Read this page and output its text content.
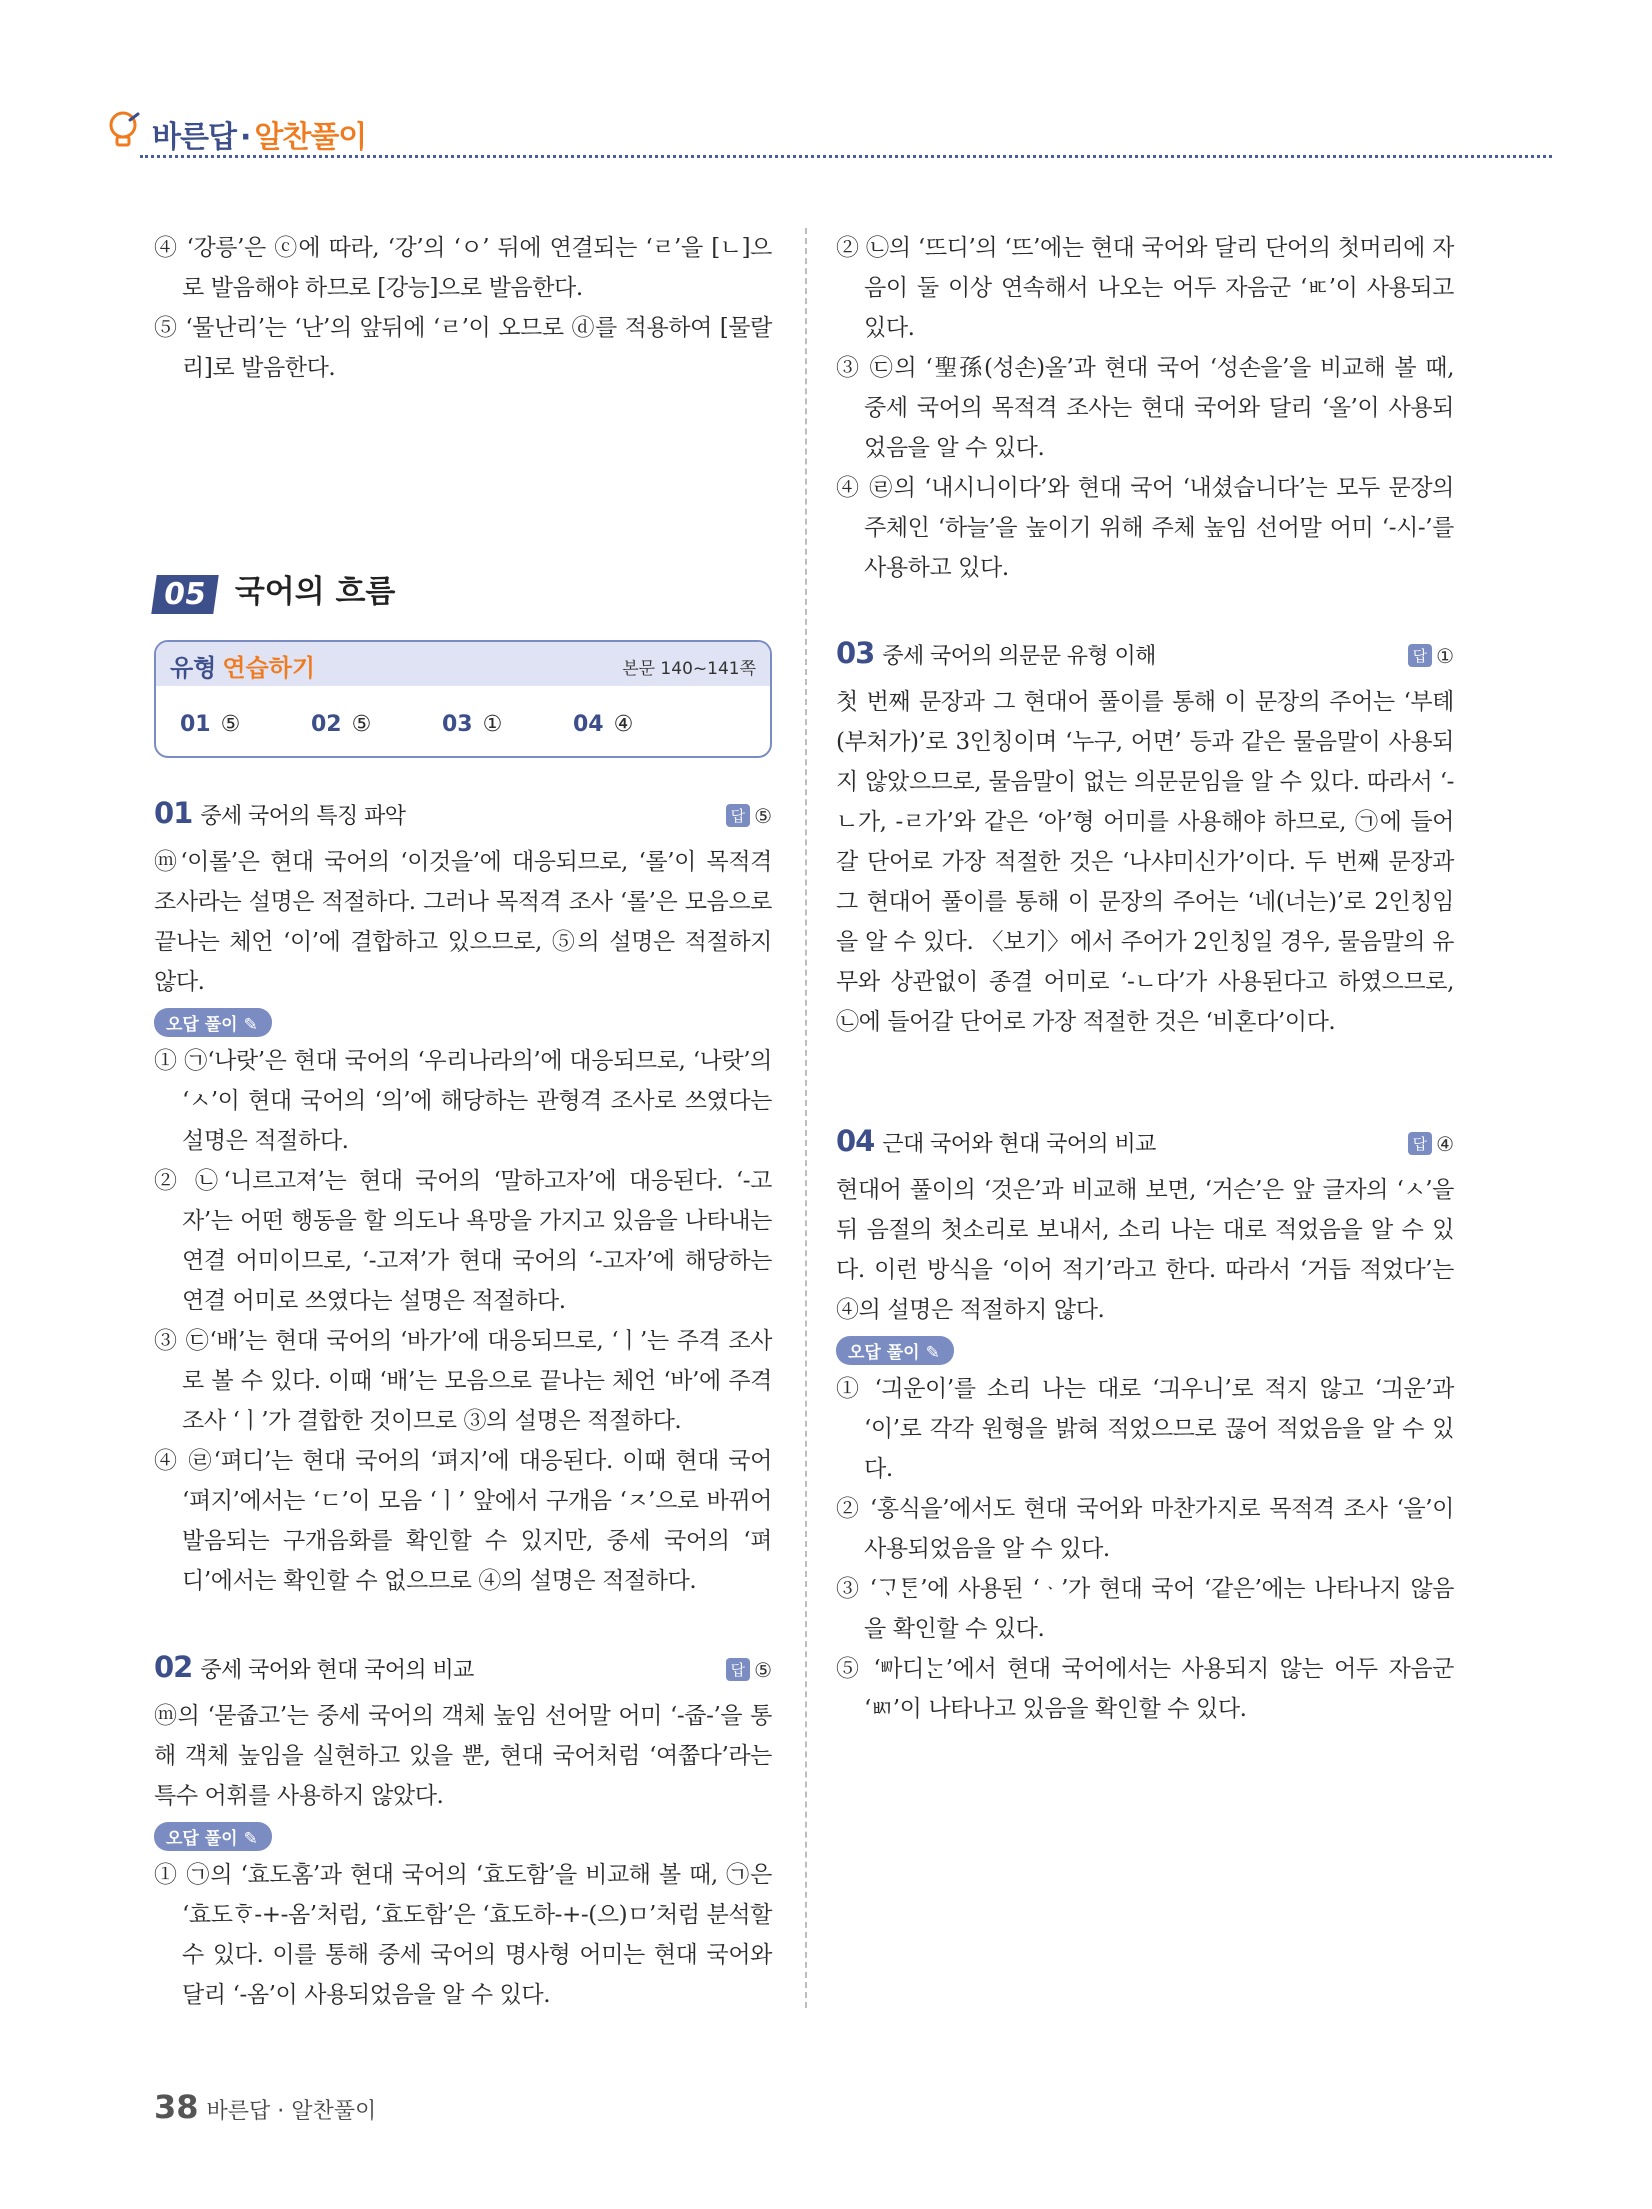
바른답 · 알찬풀이

④ ‘강릉’은 ⓒ에 따라, ‘강’의 ‘ㅇ’ 뒤에 연결되는 ‘ㄹ’을 [ㄴ]으로 발음해야 하므로 [강능]으로 발음한다.

⑤ ‘물난리’는 ‘난’의 앞뒤에 ‘ㄹ’이 오므로 ⓓ를 적용하여 [물랄리]로 발음한다.

05 국어의 흐름
유형 연습하기	본문 140~141쪽
01 ⑤	02 ⑤	03 ①	04 ④
01 중세 국어의 특징 파악	답 ⑤

ⓜ‘이롤’은 현대 국어의 ‘이것을’에 대응되므로, ‘롤’이 목적격 조사라는 설명은 적절하다. 그러나 목적격 조사 ‘롤’은 모음으로 끝나는 체언 ‘이’에 결합하고 있으므로, ⑤의 설명은 적절하지 않다.

오답 풀이 ✎

① ㉠‘나랏’은 현대 국어의 ‘우리나라의’에 대응되므로, ‘나랏’의 ‘ㅅ’이 현대 국어의 ‘의’에 해당하는 관형격 조사로 쓰였다는 설명은 적절하다.

② ㉡‘니르고져’는 현대 국어의 ‘말하고자’에 대응된다. ‘-고자’는 어떤 행동을 할 의도나 욕망을 가지고 있음을 나타내는 연결 어미이므로, ‘-고져’가 현대 국어의 ‘-고자’에 해당하는 연결 어미로 쓰였다는 설명은 적절하다.

③ ㉢‘배’는 현대 국어의 ‘바가’에 대응되므로, ‘ㅣ’는 주격 조사로 볼 수 있다. 이때 ‘배’는 모음으로 끝나는 체언 ‘바’에 주격 조사 ‘ㅣ’가 결합한 것이므로 ③의 설명은 적절하다.

④ ㉣‘펴디’는 현대 국어의 ‘펴지’에 대응된다. 이때 현대 국어 ‘펴지’에서는 ‘ㄷ’이 모음 ‘ㅣ’ 앞에서 구개음 ‘ㅈ’으로 바뀌어 발음되는 구개음화를 확인할 수 있지만, 중세 국어의 ‘펴디’에서는 확인할 수 없으므로 ④의 설명은 적절하다.

02 중세 국어와 현대 국어의 비교	답 ⑤

ⓜ의 ‘묻줍고’는 중세 국어의 객체 높임 선어말 어미 ‘-줍-’을 통해 객체 높임을 실현하고 있을 뿐, 현대 국어처럼 ‘여쭙다’라는 특수 어휘를 사용하지 않았다.

오답 풀이 ✎

① ㉠의 ‘효도홈’과 현대 국어의 ‘효도함’을 비교해 볼 때, ㉠은 ‘효도ᄒᆞ-+-옴’처럼, ‘효도함’은 ‘효도하-+-(으)ㅁ’처럼 분석할 수 있다. 이를 통해 중세 국어의 명사형 어미는 현대 국어와 달리 ‘-옴’이 사용되었음을 알 수 있다.

② ㉡의 ‘뜨디’의 ‘뜨’에는 현대 국어와 달리 단어의 첫머리에 자음이 둘 이상 연속해서 나오는 어두 자음군 ‘ㅳ’이 사용되고 있다.

③ ㉢의 ‘聖孫(성손)올’과 현대 국어 ‘성손을’을 비교해 볼 때, 중세 국어의 목적격 조사는 현대 국어와 달리 ‘올’이 사용되었음을 알 수 있다.

④ ㉣의 ‘내시니이다’와 현대 국어 ‘내셨습니다’는 모두 문장의 주체인 ‘하늘’을 높이기 위해 주체 높임 선어말 어미 ‘-시-’를 사용하고 있다.

03 중세 국어의 의문문 유형 이해	답 ①

첫 번째 문장과 그 현대어 풀이를 통해 이 문장의 주어는 ‘부톄(부처가)’로 3인칭이며 ‘누구, 어면’ 등과 같은 물음말이 사용되지 않았으므로, 물음말이 없는 의문문임을 알 수 있다. 따라서 ‘-ㄴ가, -ㄹ가’와 같은 ‘아’형 어미를 사용해야 하므로, ㉠에 들어갈 단어로 가장 적절한 것은 ‘나샤미신가’이다. 두 번째 문장과 그 현대어 풀이를 통해 이 문장의 주어는 ‘네(너는)’로 2인칭임을 알 수 있다. 〈보기〉에서 주어가 2인칭일 경우, 물음말의 유무와 상관없이 종결 어미로 ‘-ㄴ다’가 사용된다고 하였으므로, ㉡에 들어갈 단어로 가장 적절한 것은 ‘비혼다’이다.

04 근대 국어와 현대 국어의 비교	답 ④

현대어 풀이의 ‘것은’과 비교해 보면, ‘거슨’은 앞 글자의 ‘ㅅ’을 뒤 음절의 첫소리로 보내서, 소리 나는 대로 적었음을 알 수 있다. 이런 방식을 ‘이어 적기’라고 한다. 따라서 ‘거듭 적었다’는 ④의 설명은 적절하지 않다.

오답 풀이 ✎

① ‘긔운이’를 소리 나는 대로 ‘긔우니’로 적지 않고 ‘긔운’과 ‘이’로 각각 원형을 밝혀 적었으므로 끊어 적었음을 알 수 있다.

② ‘홍식을’에서도 현대 국어와 마찬가지로 목적격 조사 ‘을’이 사용되었음을 알 수 있다.

③ ‘ᄀᆞᄐᆞᆫ’에 사용된 ‘ᆞ’가 현대 국어 ‘같은’에는 나타나지 않음을 확인할 수 있다.

⑤ ‘ᄢᅡ디ᄂᆞᆫ’에서 현대 국어에서는 사용되지 않는 어두 자음군 ‘ㅴ’이 나타나고 있음을 확인할 수 있다.

38 바른답 · 알찬풀이
